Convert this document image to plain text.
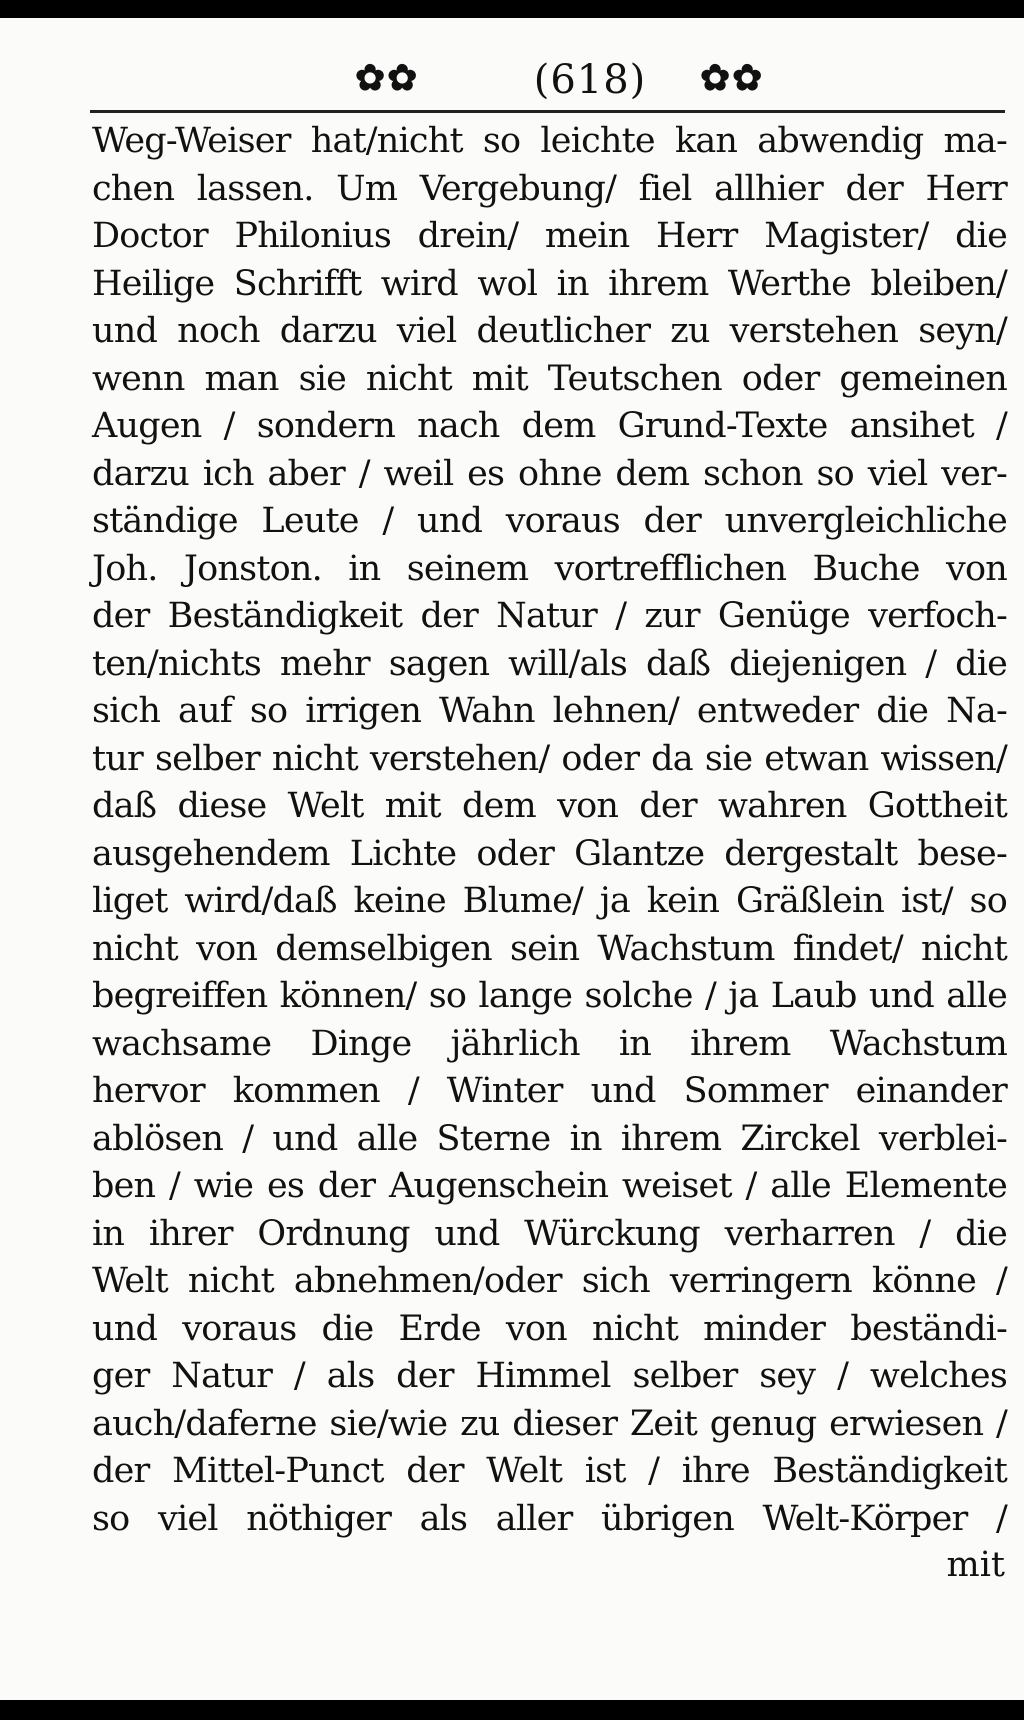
✿✿	(618)	✿✿
Weg-Weiser hat/nicht so leichte kan abwendig ma-
chen lassen. Um Vergebung/ fiel allhier der Herr
Doctor Philonius drein/ mein Herr Magister/ die
Heilige Schrifft wird wol in ihrem Werthe bleiben/
und noch darzu viel deutlicher zu verstehen seyn/
wenn man sie nicht mit Teutschen oder gemeinen
Augen / sondern nach dem Grund-Texte ansihet /
darzu ich aber / weil es ohne dem schon so viel ver-
ständige Leute / und voraus der unvergleichliche
Joh. Jonston. in seinem vortrefflichen Buche von
der Beständigkeit der Natur / zur Genüge verfoch-
ten/nichts mehr sagen will/als daß diejenigen / die
sich auf so irrigen Wahn lehnen/ entweder die Na-
tur selber nicht verstehen/ oder da sie etwan wissen/
daß diese Welt mit dem von der wahren Gottheit
ausgehendem Lichte oder Glantze dergestalt bese-
liget wird/daß keine Blume/ ja kein Gräßlein ist/ so
nicht von demselbigen sein Wachstum findet/ nicht
begreiffen können/ so lange solche / ja Laub und alle
wachsame Dinge jährlich in ihrem Wachstum
hervor kommen / Winter und Sommer einander
ablösen / und alle Sterne in ihrem Zirckel verblei-
ben / wie es der Augenschein weiset / alle Elemente
in ihrer Ordnung und Würckung verharren / die
Welt nicht abnehmen/oder sich verringern könne /
und voraus die Erde von nicht minder beständi-
ger Natur / als der Himmel selber sey / welches
auch/daferne sie/wie zu dieser Zeit genug erwiesen /
der Mittel-Punct der Welt ist / ihre Beständigkeit
so viel nöthiger als aller übrigen Welt-Körper /
mit
